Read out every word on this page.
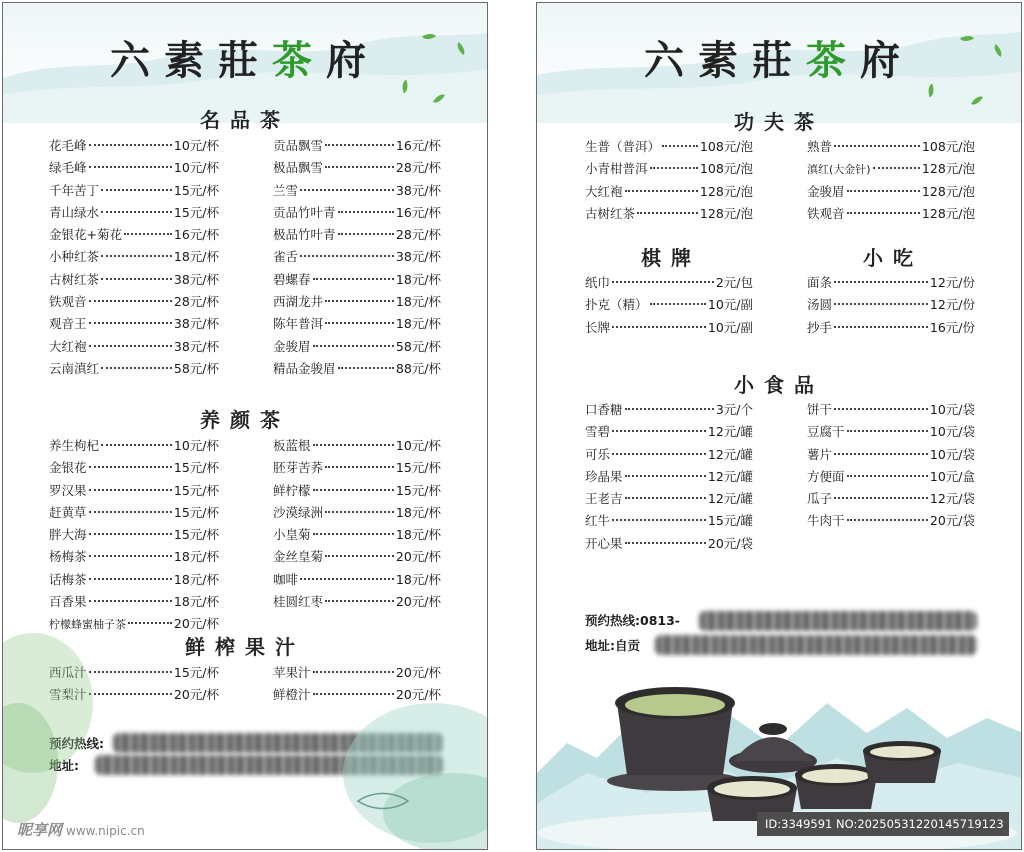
六素莊茶府
名品茶
花毛峰	10元/杯
绿毛峰	10元/杯
千年苦丁	15元/杯
青山绿水	15元/杯
金银花+菊花	16元/杯
小种红茶	18元/杯
古树红茶	38元/杯
铁观音	28元/杯
观音王	38元/杯
大红袍	38元/杯
云南滇红	58元/杯
贡品飘雪	16元/杯
极品飘雪	28元/杯
兰雪	38元/杯
贡品竹叶青	16元/杯
极品竹叶青	28元/杯
雀舌	38元/杯
碧螺春	18元/杯
西湖龙井	18元/杯
陈年普洱	18元/杯
金骏眉	58元/杯
精品金骏眉	88元/杯
养颜茶
养生枸杞	10元/杯
金银花	15元/杯
罗汉果	15元/杯
赶黄草	15元/杯
胖大海	15元/杯
杨梅茶	18元/杯
话梅茶	18元/杯
百香果	18元/杯
柠檬蜂蜜柚子茶	20元/杯
板蓝根	10元/杯
胚芽苦荞	15元/杯
鲜柠檬	15元/杯
沙漠绿洲	18元/杯
小皇菊	18元/杯
金丝皇菊	20元/杯
咖啡	18元/杯
桂圆红枣	20元/杯
鲜榨果汁
西瓜汁	15元/杯
雪梨汁	20元/杯
苹果汁	20元/杯
鲜橙汁	20元/杯
预约热线:
地址:
昵享网 www.nipic.cn
六素莊茶府
功夫茶
生普（普洱）	108元/泡
小青柑普洱	108元/泡
大红袍	128元/泡
古树红茶	128元/泡
熟普	108元/泡
滇红(大金针)	128元/泡
金骏眉	128元/泡
铁观音	128元/泡
棋牌	小吃
纸巾	2元/包
扑克（精）	10元/副
长牌	10元/副
面条	12元/份
汤圆	12元/份
抄手	16元/份
小食品
口香糖	3元/个
雪碧	12元/罐
可乐	12元/罐
珍晶果	12元/罐
王老吉	12元/罐
红牛	15元/罐
开心果	20元/袋
饼干	10元/袋
豆腐干	10元/袋
薯片	10元/袋
方便面	10元/盒
瓜子	12元/袋
牛肉干	20元/袋
预约热线:0813-
地址:自贡
ID:3349591 NO:20250531220145719123
